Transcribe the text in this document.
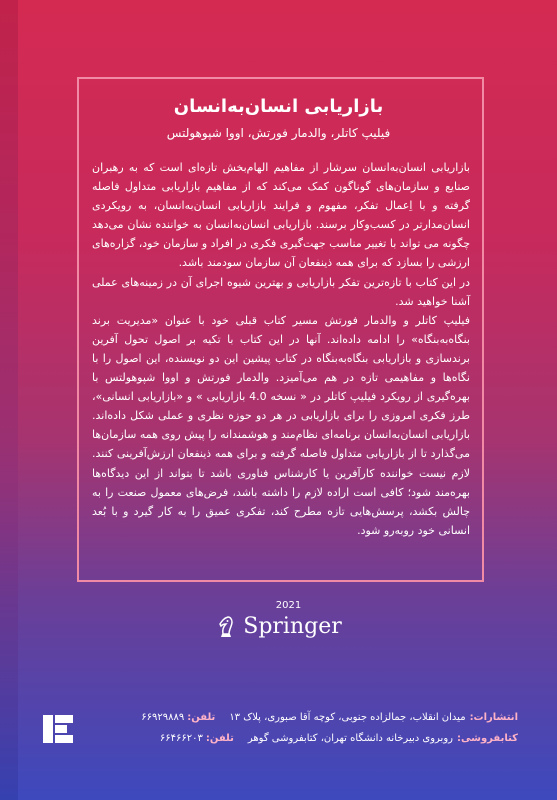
بازاریابی انسان‌به‌انسان
فیلیپ کاتلر، والدمار فورتش، اووا شپوهولتس

بازاریابی انسان‌به‌انسان سرشار از مفاهیم الهام‌بخش تازه‌ای است که به رهبران صنایع و سازمان‌های گوناگون کمک می‌کند که از مفاهیم بازاریابی متداول فاصله گرفته و با اِعمال تفکر، مفهوم و فرایند بازاریابی انسان‌به‌انسان، به رویکردی انسان‌مدارتر در کسب‌وکار برسند. بازاریابی انسان‌به‌انسان به خواننده نشان می‌دهد چگونه می تواند با تغییر مناسب جهت‌گیری فکری در افراد و سازمان خود، گزاره‌های ارزشی را بسازد که برای همه ذینفعان آن سازمان سودمند باشد.

در این کتاب با تازه‌ترین تفکر بازاریابی و بهترین شیوه اجرای آن در زمینه‌های عملی آشنا خواهید شد.

فیلیپ کاتلر و والدمار فورتش مسیر کتاب قبلی خود با عنوان «مدیریت برند بنگاه‌به‌بنگاه» را ادامه داده‌اند. آنها در این کتاب با تکیه بر اصول تحول آفرین برندسازی و بازاریابی بنگاه‌به‌بنگاه در کتاب پیشین این دو نویسنده، این اصول را با نگاه‌ها و مفاهیمی تازه در هم می‌آمیزد. والدمار فورتش و اووا شپوهولتس با بهره‌گیری از رویکرد فیلیپ کاتلر در « نسخه 4.0 بازاریابی » و «بازاریابی انسانی»، طرز فکری امروزی را برای بازاریابی در هر دو حوزه نظری و عملی شکل داده‌اند. بازاریابی انسان‌به‌انسان برنامه‌ای نظام‌مند و هوشمندانه را پیش روی همه سازمان‌ها می‌گذارد تا از بازاریابی متداول فاصله گرفته و برای همه ذینفعان ارزش‌آفرینی کنند. لازم نیست خواننده کارآفرین یا کارشناس فناوری باشد تا بتواند از این دیدگاه‌ها بهره‌مند شود؛ کافی است اراده لازم را داشته باشد، فرض‌های معمول صنعت را به چالش بکشد، پرسش‌هایی تازه مطرح کند، تفکری عمیق را به کار گیرد و با بُعد انسانی خود روبه‌رو شود.

2021
Springer
انتشارات:
میدان انقلاب، جمالزاده جنوبی، کوچه آقا صبوری، پلاک ۱۳
تلفن:
۶۶۹۲۹۸۸۹
کتابفروشی:
روبروی دبیرخانه دانشگاه تهران، کتابفروشی گوهر
تلفن:
۶۶۴۶۶۲۰۳
